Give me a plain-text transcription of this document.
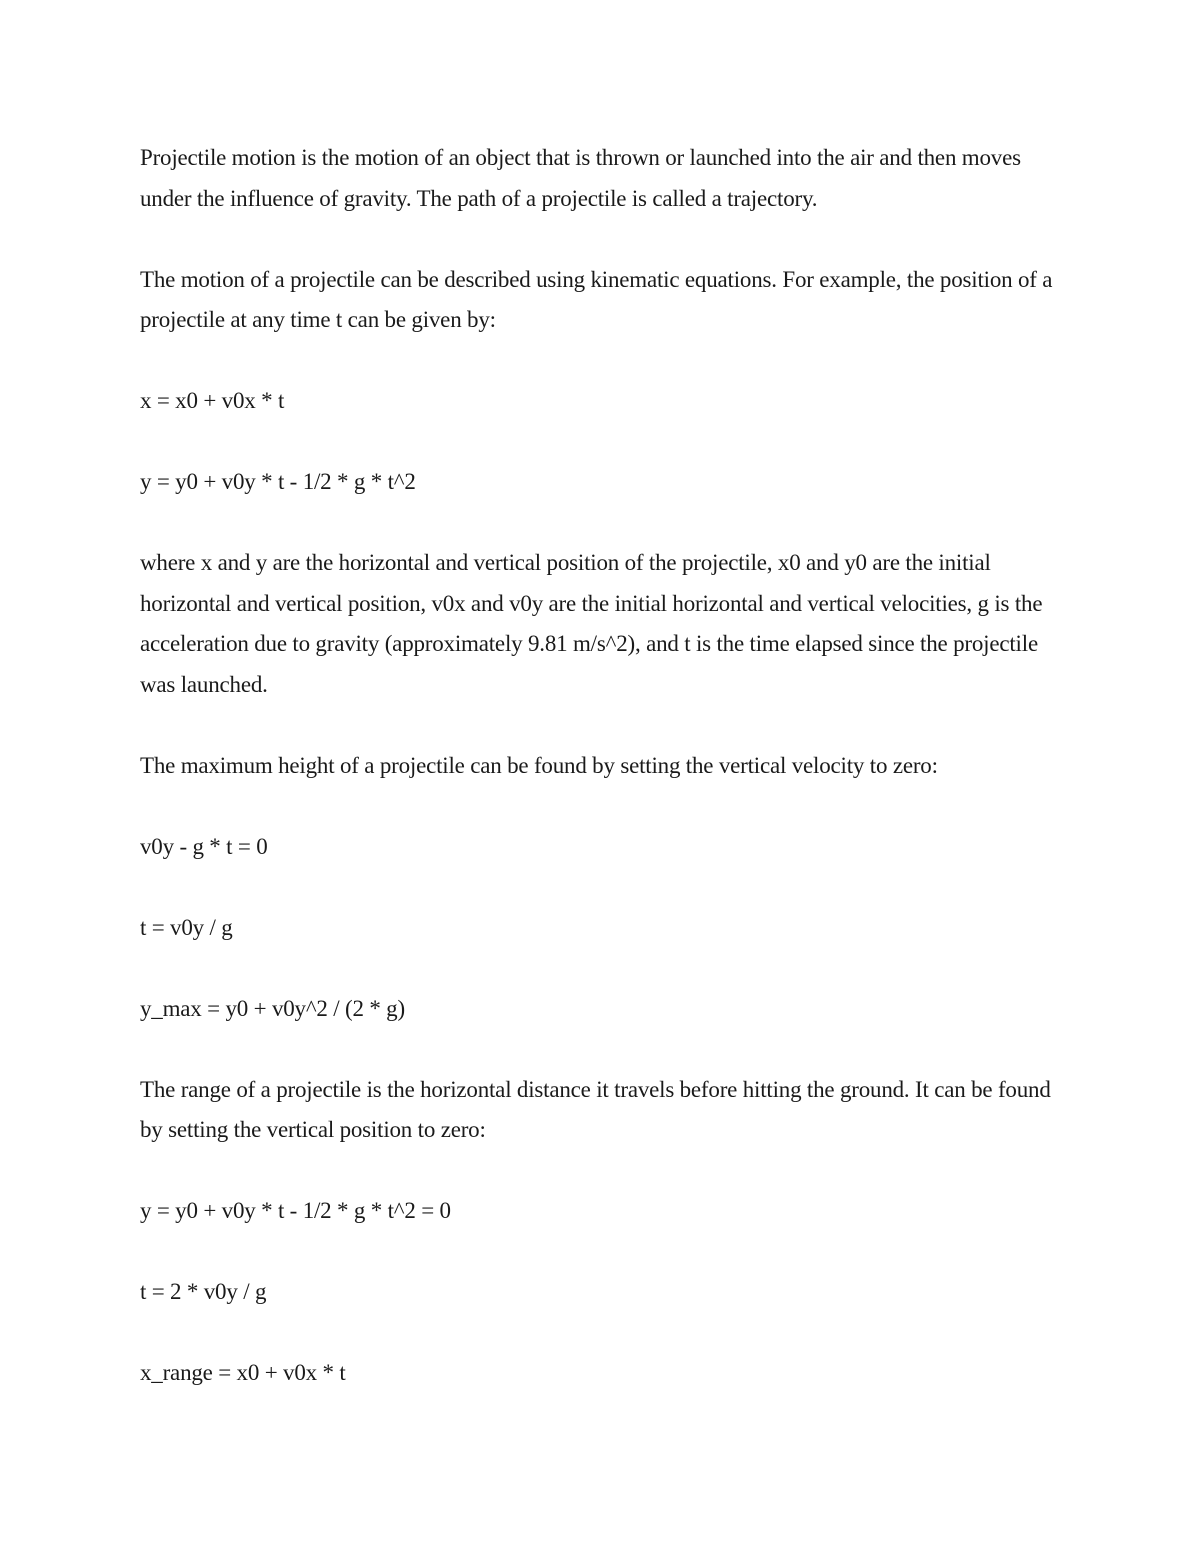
Projectile motion is the motion of an object that is thrown or launched into the air and then moves under the influence of gravity. The path of a projectile is called a trajectory.

The motion of a projectile can be described using kinematic equations. For example, the position of a projectile at any time t can be given by:

x = x0 + v0x * t

y = y0 + v0y * t - 1/2 * g * t^2

where x and y are the horizontal and vertical position of the projectile, x0 and y0 are the initial horizontal and vertical position, v0x and v0y are the initial horizontal and vertical velocities, g is the acceleration due to gravity (approximately 9.81 m/s^2), and t is the time elapsed since the projectile was launched.

The maximum height of a projectile can be found by setting the vertical velocity to zero:

v0y - g * t = 0

t = v0y / g

y_max = y0 + v0y^2 / (2 * g)

The range of a projectile is the horizontal distance it travels before hitting the ground. It can be found by setting the vertical position to zero:

y = y0 + v0y * t - 1/2 * g * t^2 = 0

t = 2 * v0y / g

x_range = x0 + v0x * t
